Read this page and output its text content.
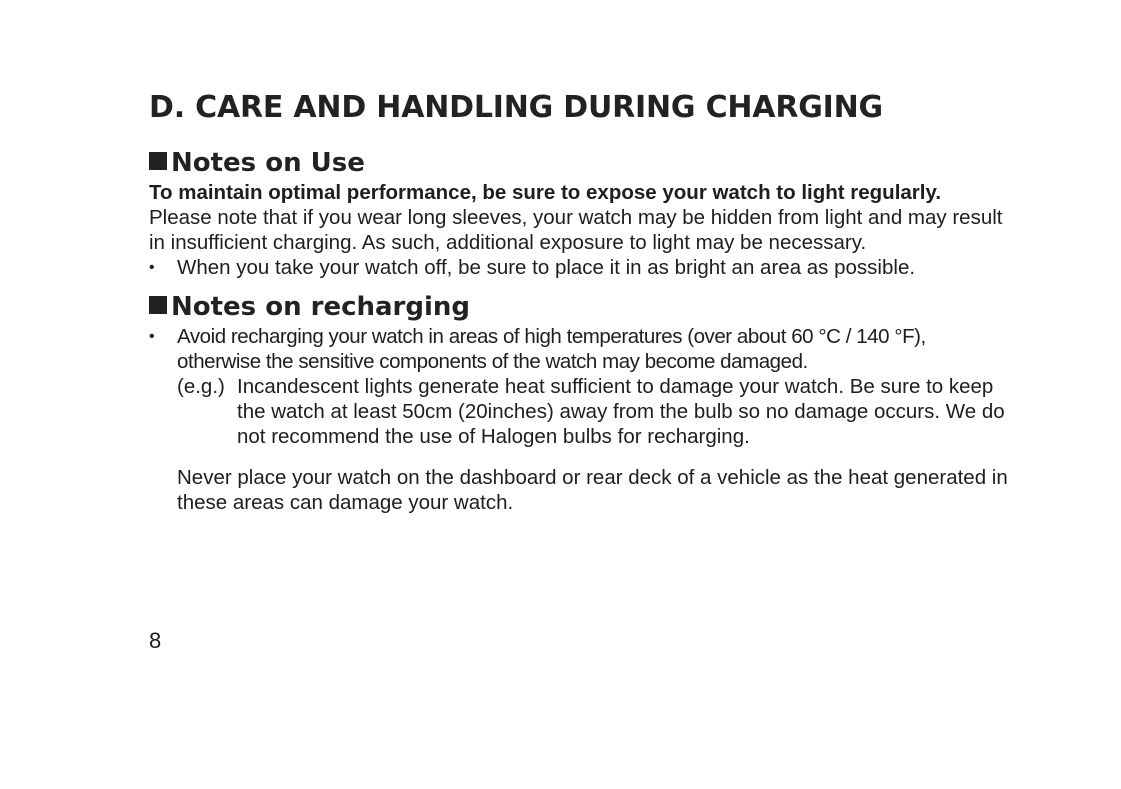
D. CARE AND HANDLING DURING CHARGING
Notes on Use

To maintain optimal performance, be sure to expose your watch to light regularly.

Please note that if you wear long sleeves, your watch may be hidden from light and may result in insufficient charging. As such, additional exposure to light may be necessary.

•	When you take your watch off, be sure to place it in as bright an area as possible.
Notes on recharging
•	Avoid recharging your watch in areas of high temperatures (over about 60 °C / 140 °F), otherwise the sensitive components of the watch may become damaged.
(e.g.) Incandescent lights generate heat sufficient to damage your watch. Be sure to keep the watch at least 50cm (20inches) away from the bulb so no damage occurs. We do not recommend the use of Halogen bulbs for recharging.

Never place your watch on the dashboard or rear deck of a vehicle as the heat generated in these areas can damage your watch.

8
